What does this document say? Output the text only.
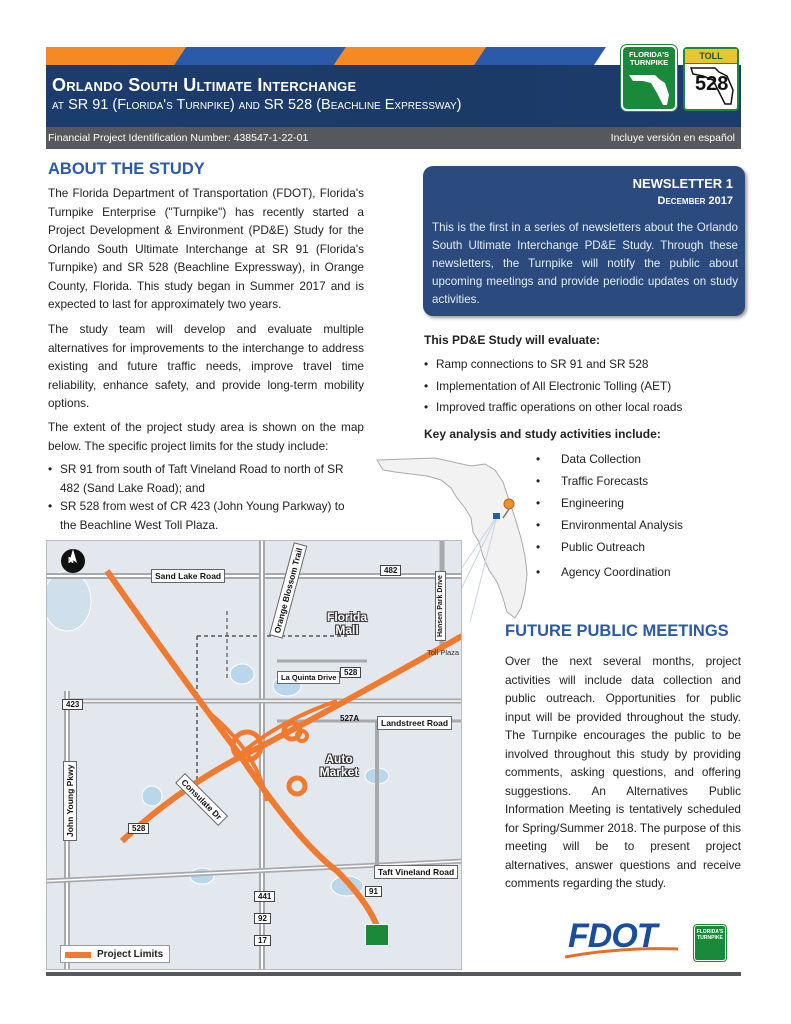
Orlando South Ultimate Interchange
at SR 91 (Florida's Turnpike) and SR 528 (Beachline Expressway)
FLORIDA'S TURNPIKE
TOLL
528
Financial Project Identification Number: 438547-1-22-01	Incluye versión en español
ABOUT THE STUDY
The Florida Department of Transportation (FDOT), Florida's Turnpike Enterprise ("Turnpike") has recently started a Project Development & Environment (PD&E) Study for the Orlando South Ultimate Interchange at SR 91 (Florida's Turnpike) and SR 528 (Beachline Expressway), in Orange County, Florida. This study began in Summer 2017 and is expected to last for approximately two years.
The study team will develop and evaluate multiple alternatives for improvements to the interchange to address existing and future traffic needs, improve travel time reliability, enhance safety, and provide long-term mobility options.
The extent of the project study area is shown on the map below. The specific project limits for the study include:
• SR 91 from south of Taft Vineland Road to north of SR 482 (Sand Lake Road); and
• SR 528 from west of CR 423 (John Young Parkway) to the Beachline West Toll Plaza.
NEWSLETTER 1
December 2017
This is the first in a series of newsletters about the Orlando South Ultimate Interchange PD&E Study. Through these newsletters, the Turnpike will notify the public about upcoming meetings and provide periodic updates on study activities.
This PD&E Study will evaluate:
• Ramp connections to SR 91 and SR 528
• Implementation of All Electronic Tolling (AET)
• Improved traffic operations on other local roads
Key analysis and study activities include:
Data Collection
Traffic Forecasts
Engineering
Environmental Analysis
Public Outreach
Agency Coordination
N
Sand Lake Road	Orange Blossom Trail	Florida Mall	Hansen Park Drive
Toll Plaza
La Quinta Drive
Landstreet Road
Auto Market
Consulate Dr
John Young Pkwy
Taft Vineland Road
482
423
528
528
527A
441
92
17
91
Project Limits
FUTURE PUBLIC MEETINGS
Over the next several months, project activities will include data collection and public outreach. Opportunities for public input will be provided throughout the study. The Turnpike encourages the public to be involved throughout this study by providing comments, asking questions, and offering suggestions. An Alternatives Public Information Meeting is tentatively scheduled for Spring/Summer 2018. The purpose of this meeting will be to present project alternatives, answer questions and receive comments regarding the study.
FDOT	FLORIDA'S TURNPIKE
